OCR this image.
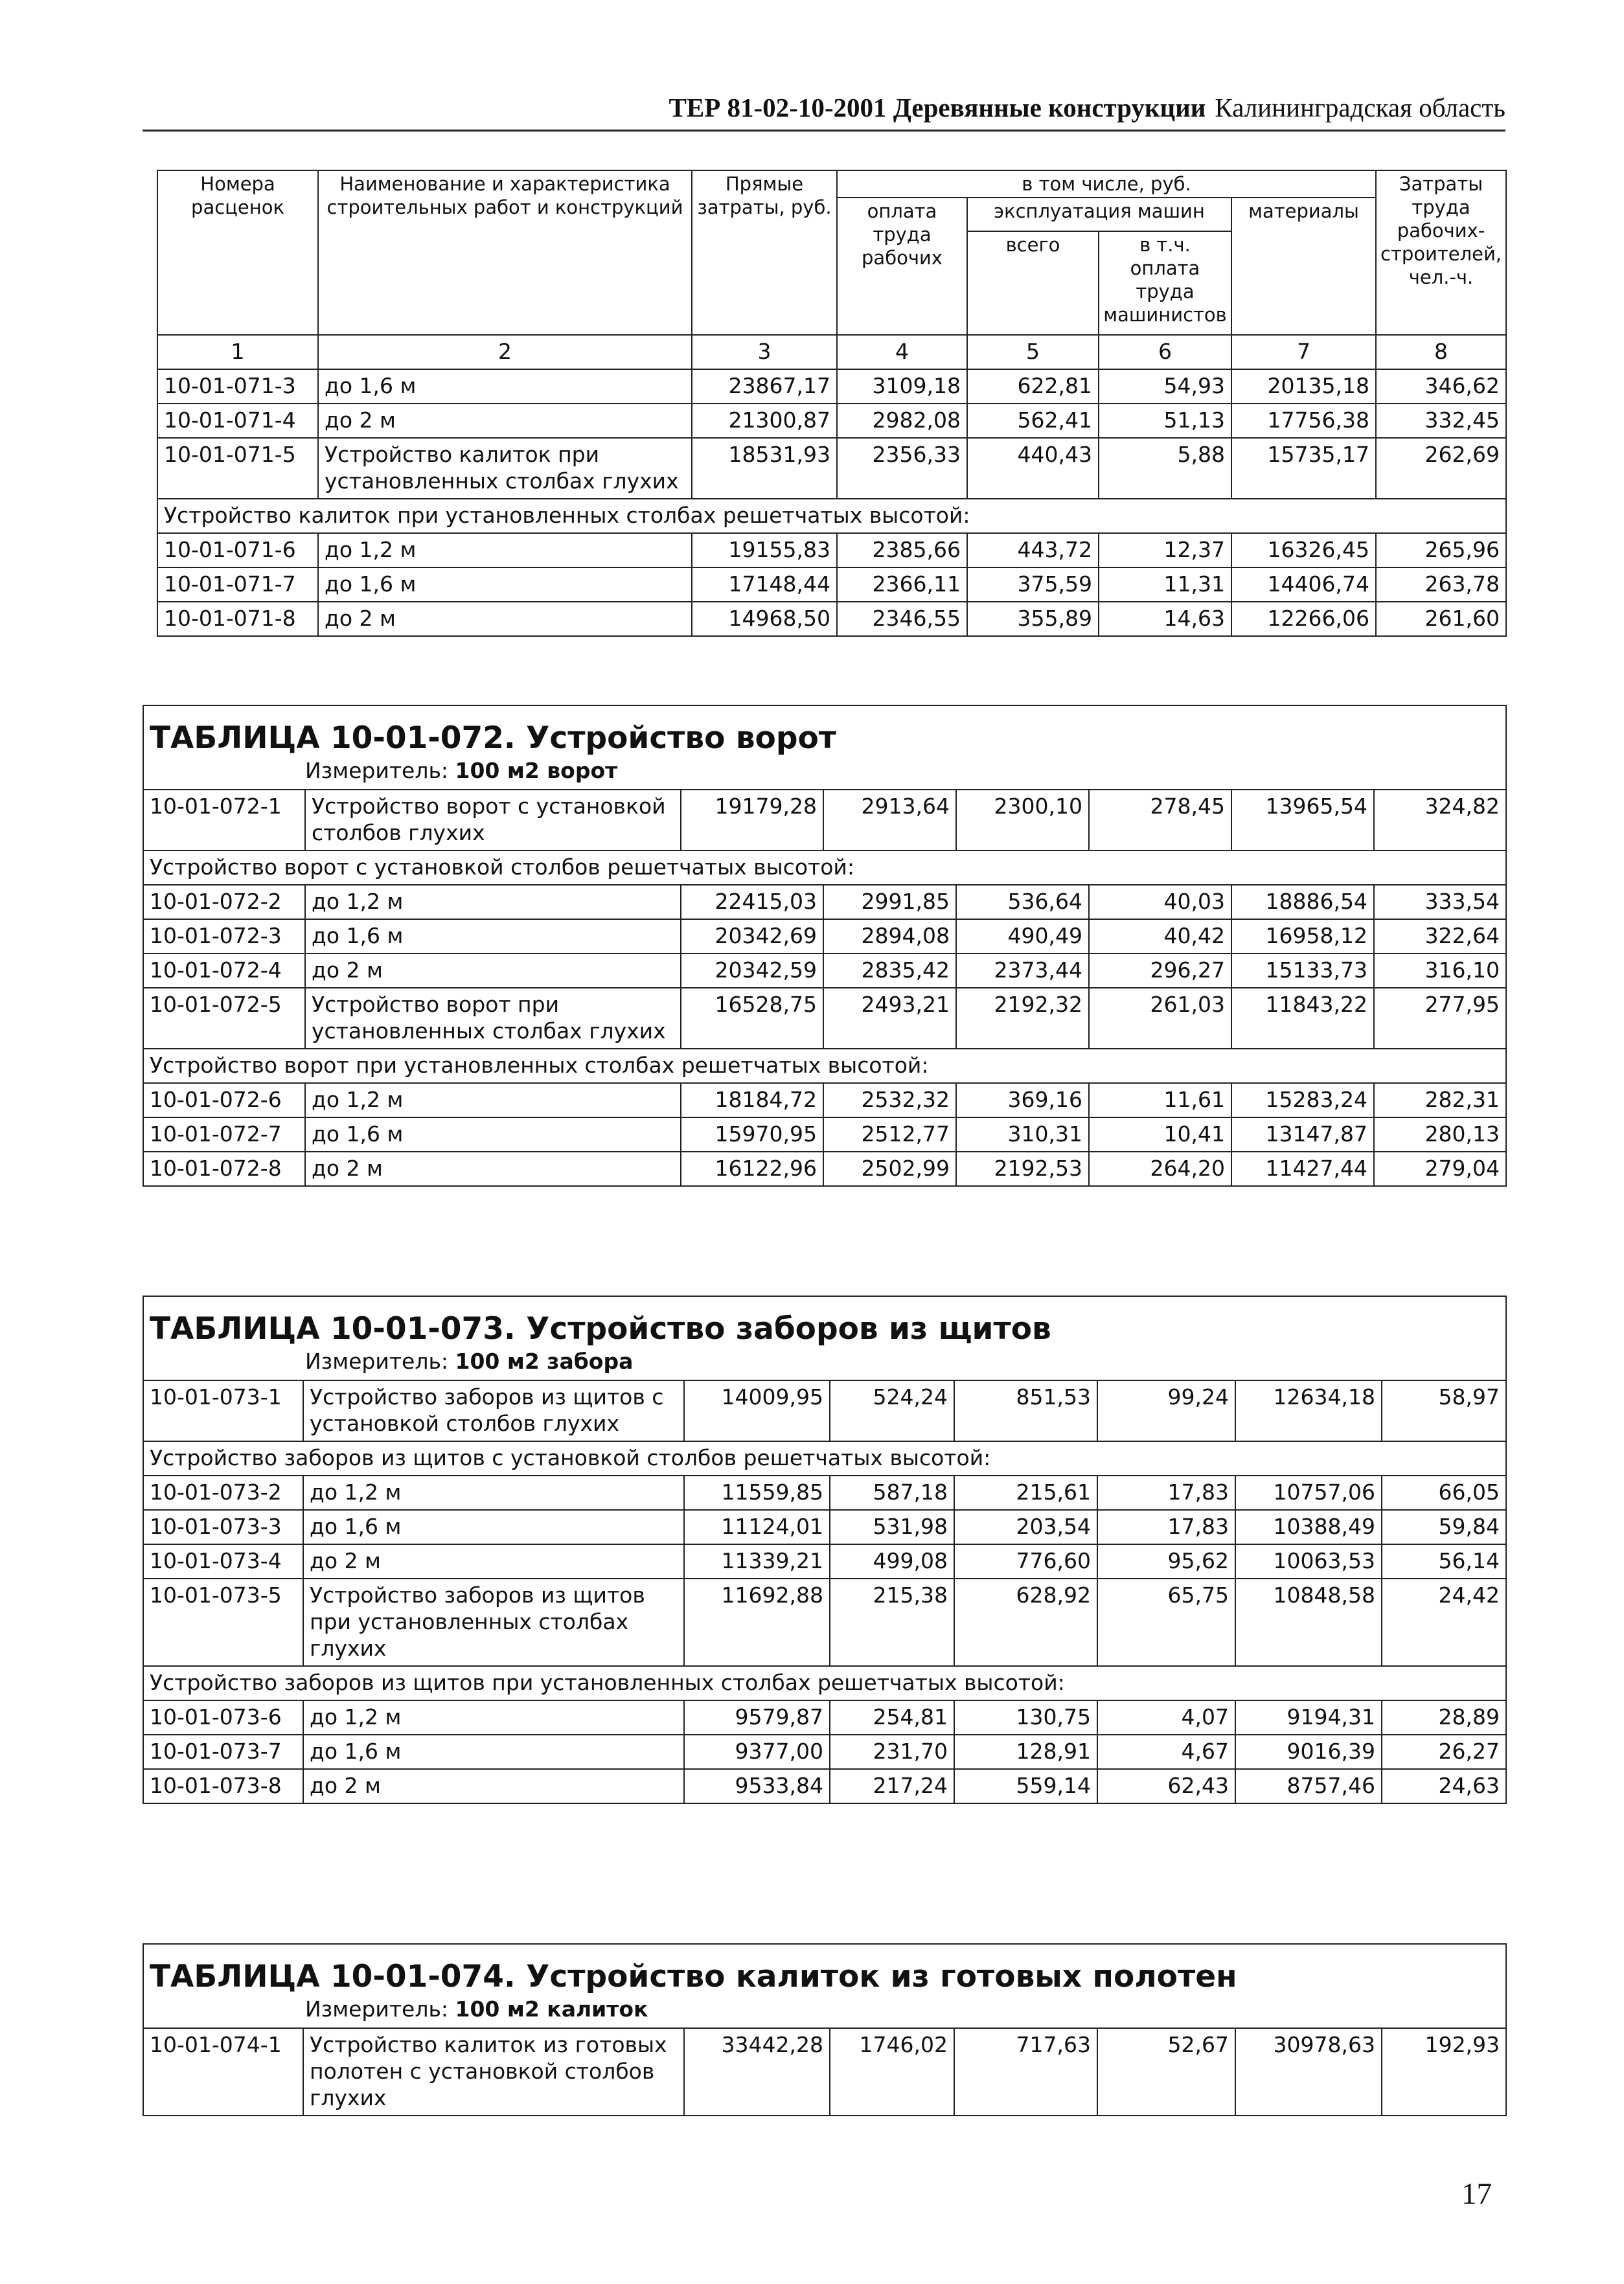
ТЕР 81-02-10-2001 Деревянные конструкции Калининградская область
Номера расценок	Наименование и характеристика строительных работ и конструкций	Прямые затраты, руб.	в том числе, руб.				Затраты труда рабочих-строителей, чел.-ч.
			оплата труда рабочих	эксплуатация машин		материалы	
				всего	в т.ч. оплата труда машинистов		
1	2	3	4	5	6	7	8
10-01-071-3	до 1,6 м	23867,17	3109,18	622,81	54,93	20135,18	346,62
10-01-071-4	до 2 м	21300,87	2982,08	562,41	51,13	17756,38	332,45
10-01-071-5	Устройство калиток при установленных столбах глухих	18531,93	2356,33	440,43	5,88	15735,17	262,69
Устройство калиток при установленных столбах решетчатых высотой:							
10-01-071-6	до 1,2 м	19155,83	2385,66	443,72	12,37	16326,45	265,96
10-01-071-7	до 1,6 м	17148,44	2366,11	375,59	11,31	14406,74	263,78
10-01-071-8	до 2 м	14968,50	2346,55	355,89	14,63	12266,06	261,60
ТАБЛИЦА 10-01-072. Устройство ворот
Измеритель: 100 м2 ворот							

10-01-072-1	Устройство ворот с установкой столбов глухих	19179,28	2913,64	2300,10	278,45	13965,54	324,82
Устройство ворот с установкой столбов решетчатых высотой:							
10-01-072-2	до 1,2 м	22415,03	2991,85	536,64	40,03	18886,54	333,54
10-01-072-3	до 1,6 м	20342,69	2894,08	490,49	40,42	16958,12	322,64
10-01-072-4	до 2 м	20342,59	2835,42	2373,44	296,27	15133,73	316,10
10-01-072-5	Устройство ворот при установленных столбах глухих	16528,75	2493,21	2192,32	261,03	11843,22	277,95
Устройство ворот при установленных столбах решетчатых высотой:							
10-01-072-6	до 1,2 м	18184,72	2532,32	369,16	11,61	15283,24	282,31
10-01-072-7	до 1,6 м	15970,95	2512,77	310,31	10,41	13147,87	280,13
10-01-072-8	до 2 м	16122,96	2502,99	2192,53	264,20	11427,44	279,04
ТАБЛИЦА 10-01-073. Устройство заборов из щитов
Измеритель: 100 м2 забора							

10-01-073-1	Устройство заборов из щитов с установкой столбов глухих	14009,95	524,24	851,53	99,24	12634,18	58,97
Устройство заборов из щитов с установкой столбов решетчатых высотой:							
10-01-073-2	до 1,2 м	11559,85	587,18	215,61	17,83	10757,06	66,05
10-01-073-3	до 1,6 м	11124,01	531,98	203,54	17,83	10388,49	59,84
10-01-073-4	до 2 м	11339,21	499,08	776,60	95,62	10063,53	56,14
10-01-073-5	Устройство заборов из щитов при установленных столбах глухих	11692,88	215,38	628,92	65,75	10848,58	24,42
Устройство заборов из щитов при установленных столбах решетчатых высотой:							
10-01-073-6	до 1,2 м	9579,87	254,81	130,75	4,07	9194,31	28,89
10-01-073-7	до 1,6 м	9377,00	231,70	128,91	4,67	9016,39	26,27
10-01-073-8	до 2 м	9533,84	217,24	559,14	62,43	8757,46	24,63
ТАБЛИЦА 10-01-074. Устройство калиток из готовых полотен
Измеритель: 100 м2 калиток

10-01-074-1	Устройство калиток из готовых полотен с установкой столбов глухих	33442,28	1746,02	717,63	52,67	30978,63	192,93
17
